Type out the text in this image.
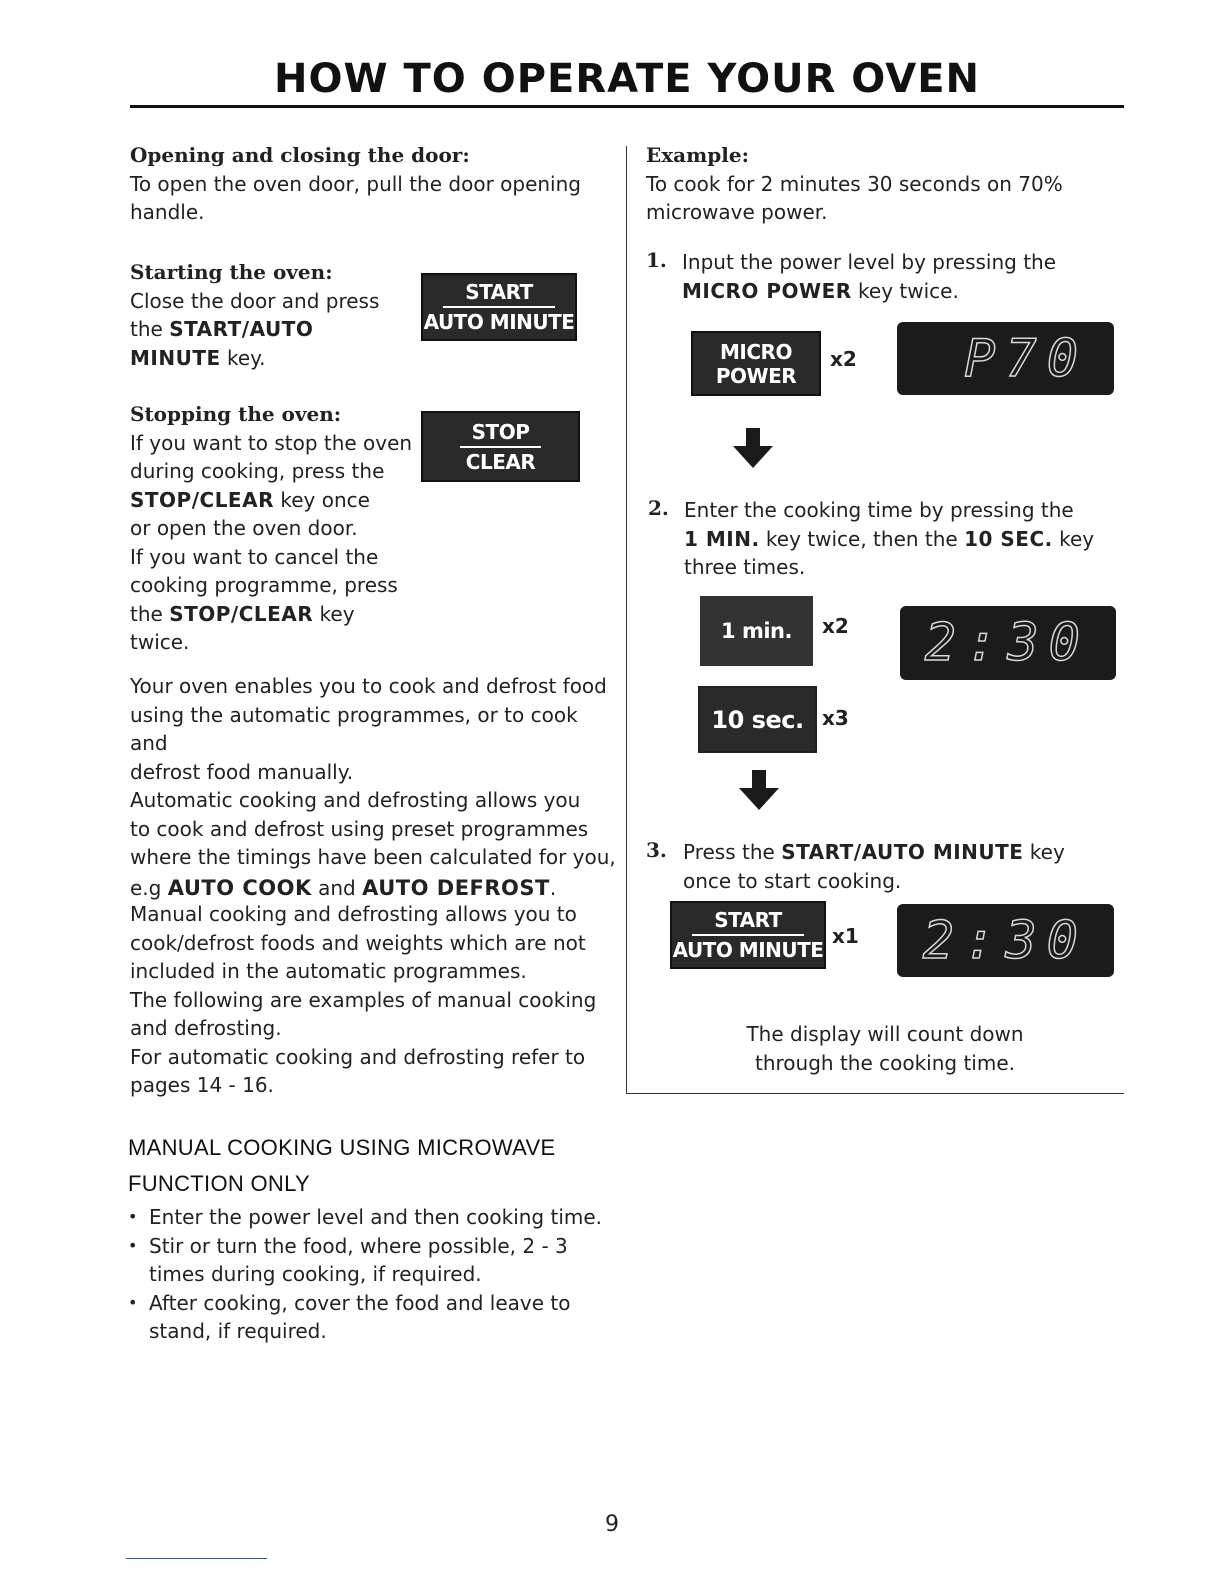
HOW TO OPERATE YOUR OVEN
Opening and closing the door:
To open the oven door, pull the door opening
handle.
Starting the oven:
Close the door and press
the START/AUTO
MINUTE key.
START
AUTO MINUTE
Stopping the oven:
If you want to stop the oven
during cooking, press the
STOP/CLEAR key once
or open the oven door.
If you want to cancel the
cooking programme, press
the STOP/CLEAR key
twice.
STOP
CLEAR
Your oven enables you to cook and defrost food
using the automatic programmes, or to cook and
defrost food manually.
Automatic cooking and defrosting allows you
to cook and defrost using preset programmes
where the timings have been calculated for you,
e.g AUTO COOK and AUTO DEFROST.
Manual cooking and defrosting allows you to
cook/defrost foods and weights which are not
included in the automatic programmes.
The following are examples of manual cooking
and defrosting.
For automatic cooking and defrosting refer to
pages 14 - 16.
MANUAL COOKING USING MICROWAVE
FUNCTION ONLY
• Enter the power level and then cooking time.
• Stir or turn the food, where possible, 2 - 3
times during cooking, if required.
• After cooking, cover the food and leave to
stand, if required.
Example:
To cook for 2 minutes 30 seconds on 70%
microwave power.
1. Input the power level by pressing the
MICRO POWER key twice.
MICRO
POWER
x2 P70
2. Enter the cooking time by pressing the
1 MIN. key twice, then the 10 SEC. key
three times.
1 min. x2 2:30
10 sec. x3
3. Press the START/AUTO MINUTE key
once to start cooking.
START
AUTO MINUTE
x1 2:30
The display will count down
through the cooking time.
9
